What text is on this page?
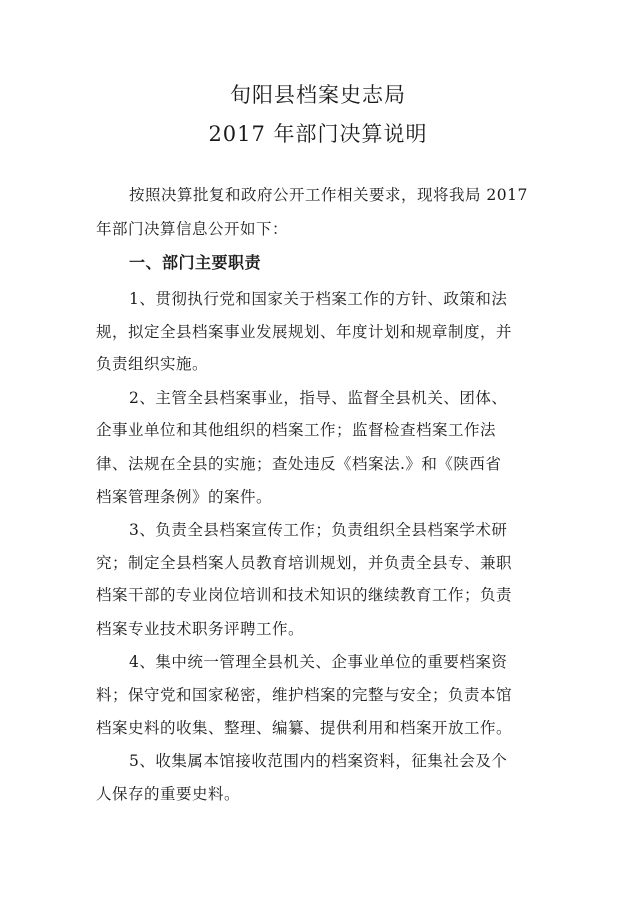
旬阳县档案史志局
2017 年部门决算说明
按照决算批复和政府公开工作相关要求，现将我局 2017
年部门决算信息公开如下：
一、部门主要职责
1、贯彻执行党和国家关于档案工作的方针、政策和法
规，拟定全县档案事业发展规划、年度计划和规章制度，并
负责组织实施。
2、主管全县档案事业，指导、监督全县机关、团体、
企事业单位和其他组织的档案工作；监督检查档案工作法
律、法规在全县的实施；查处违反《档案法.》和《陕西省
档案管理条例》的案件。
3、负责全县档案宣传工作；负责组织全县档案学术研
究；制定全县档案人员教育培训规划，并负责全县专、兼职
档案干部的专业岗位培训和技术知识的继续教育工作；负责
档案专业技术职务评聘工作。
4、集中统一管理全县机关、企事业单位的重要档案资
料；保守党和国家秘密，维护档案的完整与安全；负责本馆
档案史料的收集、整理、编纂、提供利用和档案开放工作。
5、收集属本馆接收范围内的档案资料，征集社会及个
人保存的重要史料。
